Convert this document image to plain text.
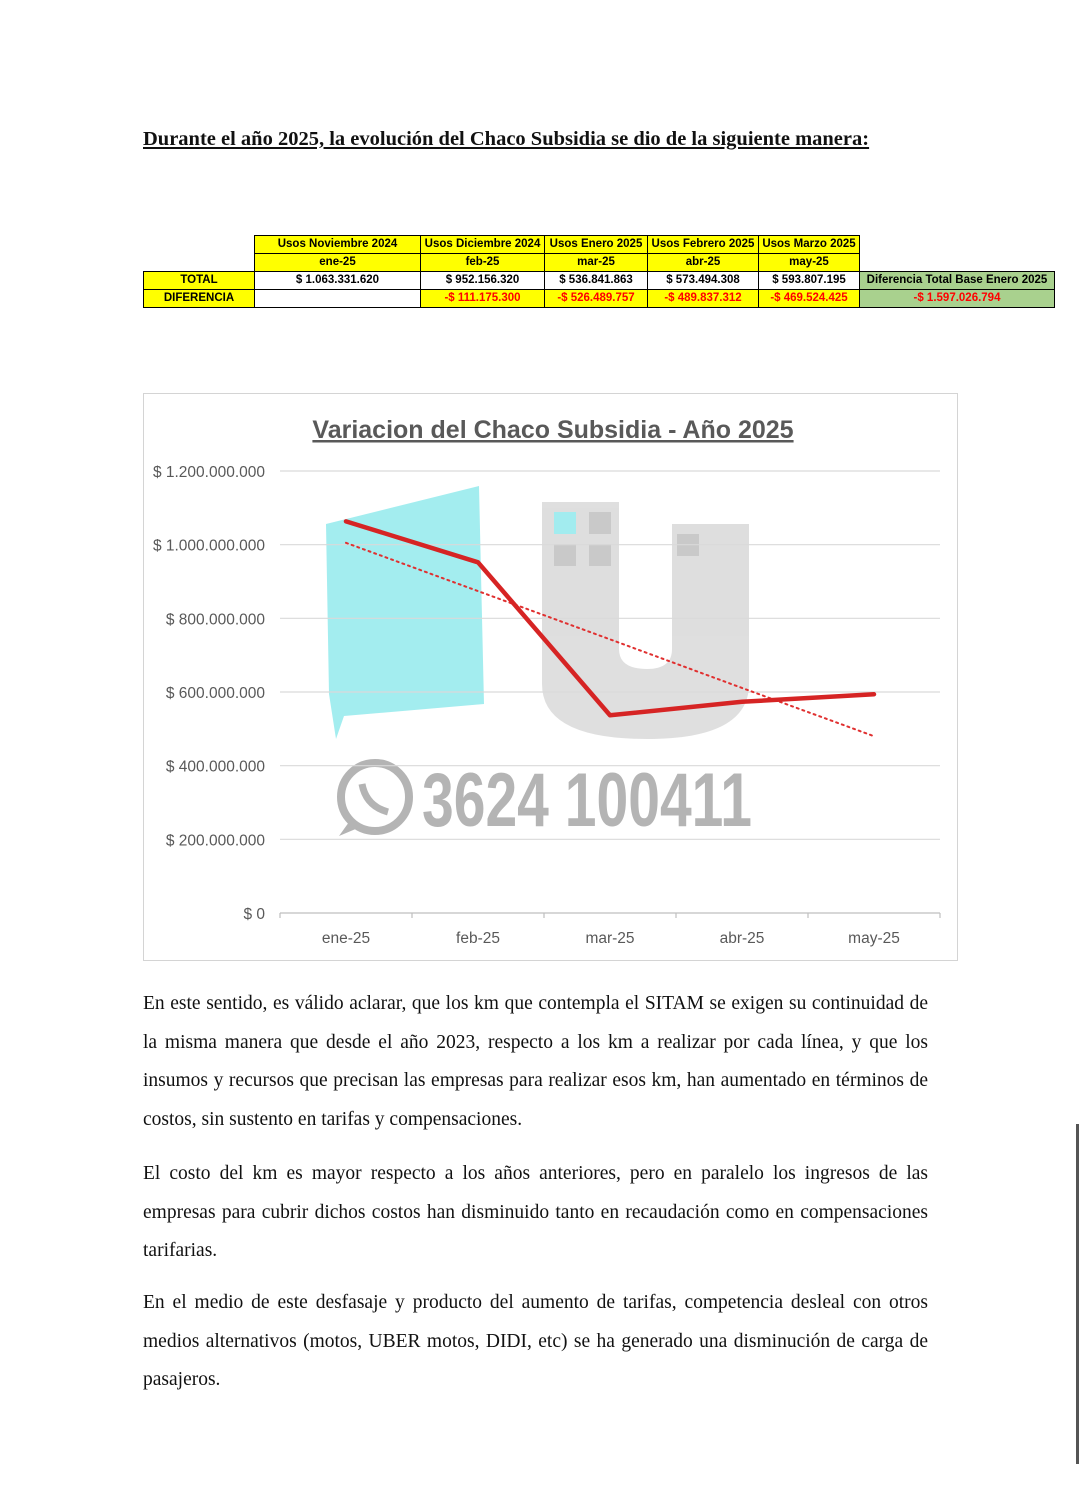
Durante el año 2025, la evolución del Chaco Subsidia se dio de la siguiente manera:
	Usos Noviembre 2024	Usos Diciembre 2024	Usos Enero 2025	Usos Febrero 2025	Usos Marzo 2025	
	ene-25	feb-25	mar-25	abr-25	may-25	
TOTAL	$ 1.063.331.620	$ 952.156.320	$ 536.841.863	$ 573.494.308	$ 593.807.195	Diferencia Total Base Enero 2025
DIFERENCIA		-$ 111.175.300	-$ 526.489.757	-$ 489.837.312	-$ 469.524.425	-$ 1.597.026.794
3624 100411
Variacion del Chaco Subsidia - Año 2025
$ 0
$ 200.000.000
$ 400.000.000
$ 600.000.000
$ 800.000.000
$ 1.000.000.000
$ 1.200.000.000
ene-25	feb-25	mar-25	abr-25	may-25

En este sentido, es válido aclarar, que los km que contempla el SITAM se exigen su continuidad de la misma manera que desde el año 2023, respecto a los km a realizar por cada línea, y que los insumos y recursos que precisan las empresas para realizar esos km, han aumentado en términos de costos, sin sustento en tarifas y compensaciones.

El costo del km es mayor respecto a los años anteriores, pero en paralelo los ingresos de las empresas para cubrir dichos costos han disminuido tanto en recaudación como en compensaciones tarifarias.

En el medio de este desfasaje y producto del aumento de tarifas, competencia desleal con otros medios alternativos (motos, UBER motos, DIDI, etc) se ha generado una disminución de carga de pasajeros.
